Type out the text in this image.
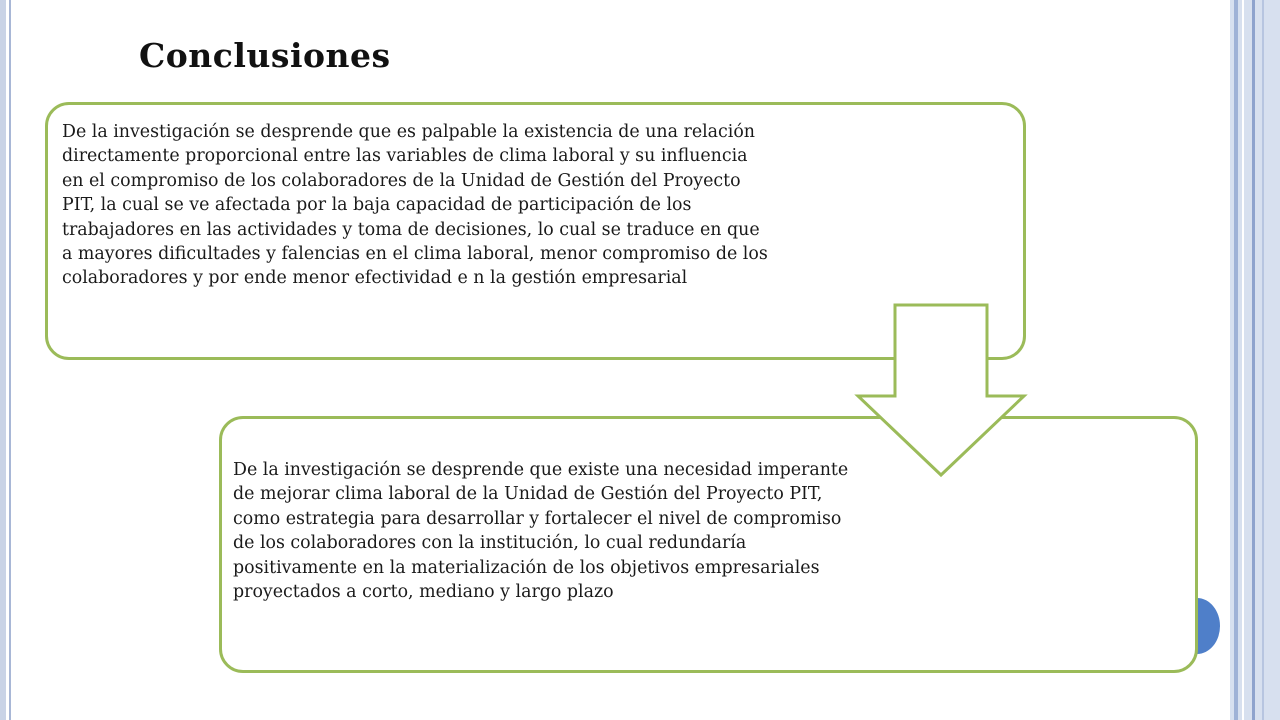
Conclusiones

De la investigación se desprende que es palpable la existencia de una relación directamente proporcional entre las variables de clima laboral y su influencia en el compromiso de los colaboradores de la Unidad de Gestión del Proyecto PIT, la cual se ve afectada por la baja capacidad de participación de los trabajadores en las actividades y toma de decisiones, lo cual se traduce en que a mayores dificultades y falencias en el clima laboral, menor compromiso de los colaboradores y por ende menor efectividad e n la gestión empresarial

De la investigación se desprende que existe una necesidad imperante de mejorar clima laboral de la Unidad de Gestión del Proyecto PIT, como estrategia para desarrollar y fortalecer el nivel de compromiso de los colaboradores con la institución, lo cual redundaría positivamente en la materialización de los objetivos empresariales proyectados a corto, mediano y largo plazo
